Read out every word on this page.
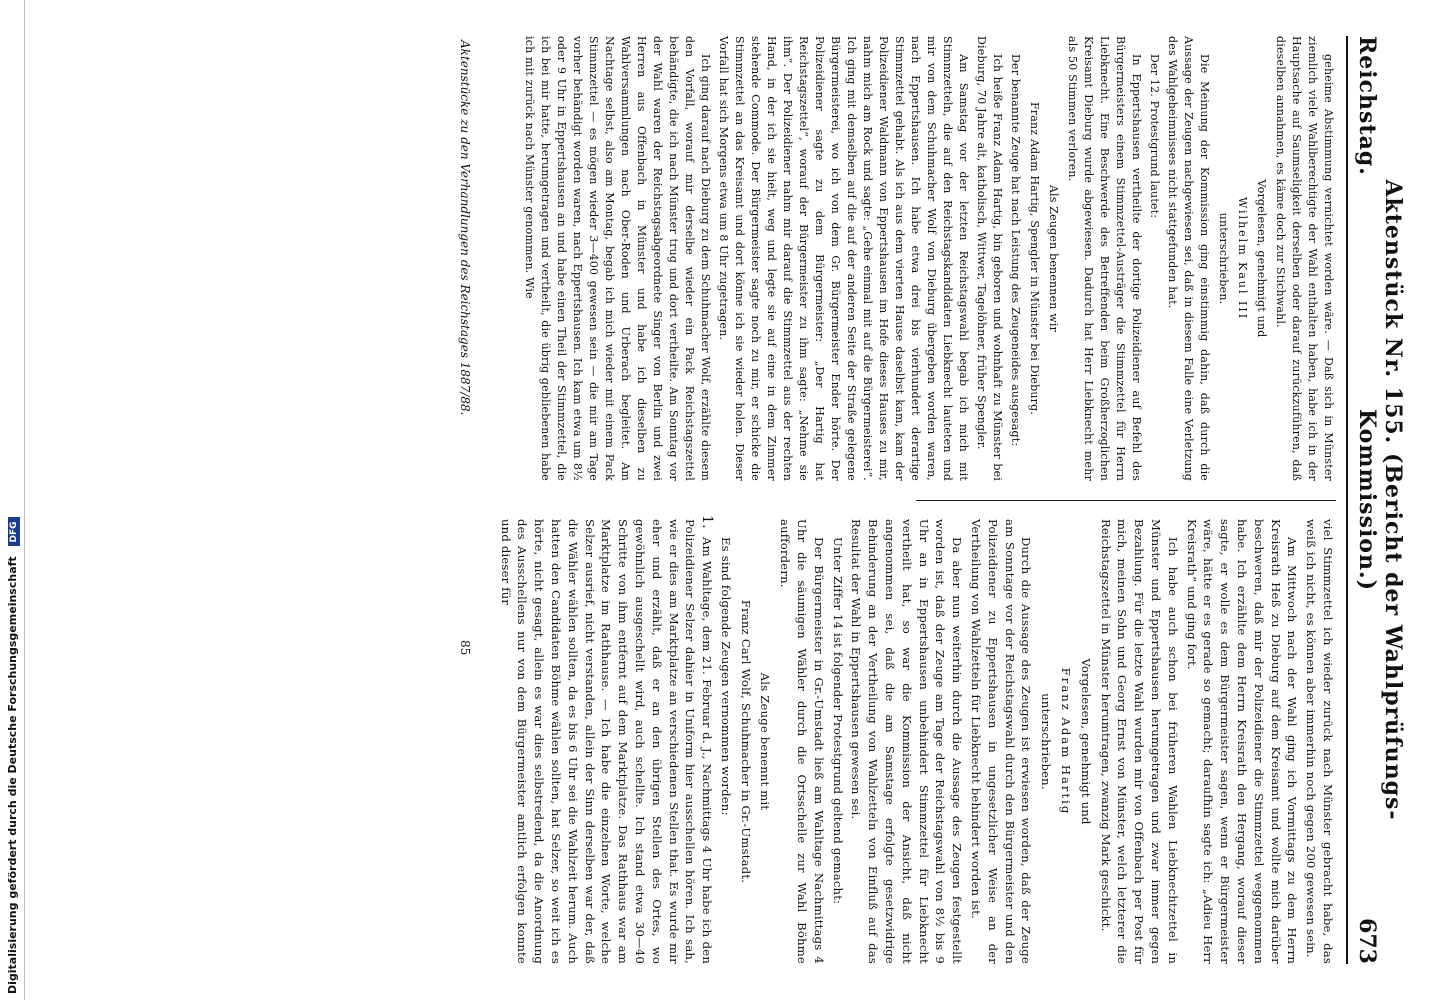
Digitalisierung gefördert durch die Deutsche Forschungsgemeinschaft DFG
Reichstag.
Aktenstück Nr. 155. (Bericht der Wahlprüfungs-Kommission.)
673

geheime Abstimmung vernichtet worden wäre. — Daß sich in Münster ziemlich viele Wahlberechtigte der Wahl enthalten haben, habe ich in der Hauptsache auf Saumseligkeit derselben oder darauf zurückzuführen, daß dieselben annahmen, es käme doch zur Stichwahl.

Vorgelesen, genehmigt und

Wilhelm Kaul III

unterschrieben.

Die Meinung der Kommission ging einstimmig dahin, daß durch die Aussage der Zeugen nachgewiesen sei, daß in diesem Falle eine Verletzung des Wahlgeheimnisses nicht stattgefunden hat.

Der 12. Protestgrund lautet:

In Eppertshausen vertheilte der dortige Polizeidiener auf Befehl des Bürgermeisters einem Stimmzettel-Austräger die Stimmzettel für Herrn Liebknecht. Eine Beschwerde des Betreffenden beim Großherzoglichen Kreisamt Dieburg wurde abgewiesen. Dadurch hat Herr Liebknecht mehr als 50 Stimmen verloren.

Als Zeugen benennen wir

Franz Adam Hartig, Spengler in Münster bei Dieburg.

Der benannte Zeuge hat nach Leistung des Zeugeneides ausgesagt:

Ich heiße Franz Adam Hartig, bin geboren und wohnhaft zu Münster bei Dieburg, 70 Jahre alt, katholisch, Wittwer, Tagelöhner, früher Spengler.

Am Samstag vor der letzten Reichstagswahl begab ich mich mit Stimmzetteln, die auf den Reichstagskandidaten Liebknecht lauteten und mir von dem Schuhmacher Wolf von Dieburg übergeben worden waren, nach Eppertshausen. Ich habe etwa drei bis vierhundert derartige Stimmzettel gehabt. Als ich aus dem vierten Hause daselbst kam, kam der Polizeidiener Waldmann von Eppertshausen im Hofe dieses Hauses zu mir, nahm mich am Rock und sagte: „Gehe einmal mit auf die Bürgermeisterei“. Ich ging mit demselben auf die auf der anderen Seite der Straße gelegene Bürgermeisterei, wo ich von dem Gr. Bürgermeister Ender hörte. Der Polizeidiener sagte zu dem Bürgermeister: „Der Hartig hat Reichstagszettel“, worauf der Bürgermeister zu ihm sagte: „Nehme sie ihm“. Der Polizeidiener nahm mir darauf die Stimmzettel aus der rechten Hand, in der ich sie hielt, weg und legte sie auf eine in dem Zimmer stehende Commode. Der Bürgermeister sagte noch zu mir, er schicke die Stimmzettel an das Kreisamt und dort könne ich sie wieder holen. Dieser Vorfall hat sich Morgens etwa um 8 Uhr zugetragen.

Ich ging darauf nach Dieburg zu dem Schuhmacher Wolf, erzählte diesem den Vorfall, worauf mir derselbe wieder ein Pack Reichstagszettel behändigte, die ich nach Münster trug und dort vertheilte. Am Sonntag vor der Wahl waren der Reichstagsabgeordnete Singer von Berlin und zwei Herren aus Offenbach in Münster und habe ich dieselben zu Wahlversammlungen nach Ober-Roden und Urberach begleitet. Am Nachtage selbst, also am Montag, begab ich mich wieder mit einem Pack Stimmzettel — es mögen wieder 3—400 gewesen sein — die mir am Tage vorher behändigt worden waren, nach Eppertshausen. Ich kam etwa um 8½ oder 9 Uhr in Eppertshausen an und habe einen Theil der Stimmzettel, die ich bei mir hatte, herumgetragen und vertheilt, die übrig gebliebenen habe ich mit zurück nach Münster genommen. Wie

viel Stimmzettel ich wieder zurück nach Münster gebracht habe, das weiß ich nicht, es können aber immerhin noch gegen 200 gewesen sein.

Am Mittwoch nach der Wahl ging ich Vormittags zu dem Herrn Kreisrath Heß zu Dieburg auf dem Kreisamt und wollte mich darüber beschweren, daß mir der Polizeidiener die Stimmzettel weggenommen habe. Ich erzählte dem Herrn Kreisrath den Hergang, worauf dieser sagte, er wolle es dem Bürgermeister sagen, wenn er Bürgermeister wäre, hätte er es gerade so gemacht; daraufhin sagte ich: „Adieu Herr Kreisrath“ und ging fort.

Ich habe auch schon bei früheren Wahlen Liebknechtzettel in Münster und Eppertshausen herumgetragen und zwar immer gegen Bezahlung. Für die letzte Wahl wurden mir von Offenbach per Post für mich, meinen Sohn und Georg Ernst von Münster, welch letzterer die Reichstagszettel in Münster herumtragen, zwanzig Mark geschickt.

Vorgelesen, genehmigt und

Franz Adam Hartig

unterschrieben.

Durch die Aussage des Zeugen ist erwiesen worden, daß der Zeuge am Sonntage vor der Reichstagswahl durch den Bürgermeister und den Polizeidiener zu Eppertshausen in ungesetzlicher Weise an der Vertheilung von Wahlzetteln für Liebknecht behindert worden ist.

Da aber nun weiterhin durch die Aussage des Zeugen festgestellt worden ist, daß der Zeuge am Tage der Reichstagswahl von 8½ bis 9 Uhr an in Eppertshausen unbehindert Stimmzettel für Liebknecht vertheilt hat, so war die Kommission der Ansicht, daß nicht angenommen sei, daß die am Samstage erfolgte gesetzwidrige Behinderung an der Vertheilung von Wahlzetteln von Einfluß auf das Resultat der Wahl in Eppertshausen gewesen sei.

Unter Ziffer 14 ist folgender Protestgrund geltend gemacht:

Der Bürgermeister in Gr.-Umstadt ließ am Wahltage Nachmittags 4 Uhr die säumigen Wähler durch die Ortsschelle zur Wahl Böhme auffordern.

Als Zeuge benennt mit

Franz Carl Wolf, Schuhmacher in Gr.-Umstadt.

Es sind folgende Zeugen vernommen worden:

1.
Am Wahltage, dem 21. Februar d. J., Nachmittags 4 Uhr habe ich den Polizeidiener Selzer dahier in Uniform hier ausschellen hören. Ich sah, wie er dies am Marktplatze an verschiedenen Stellen that. Es wurde mir eher und erzählt, daß er an den übrigen Stellen des Ortes, wo gewöhnlich ausgeschellt wird, auch schellte. Ich stand etwa 30—40 Schritte von ihm entfernt auf dem Marktplatze. Das Rathhaus war am Marktplatze im Rathhause. — Ich habe die einzelnen Worte, welche Selzer ausrief, nicht verstanden, allein der Sinn derselben war der, daß die Wähler wählen sollten, da es bis 6 Uhr sei die Wahlzeit herum. Auch hatten den Candidaten Böhme wählen sollten, hat Selzer, so weit ich es hörte, nicht gesagt, allein es war dies selbstredend, da die Anordnung des Ausschellens nur von dem Bürgermeister amtlich erfolgen konnte und dieser für

Aktenstücke zu den Verhandlungen des Reichstages 1887/88.
85
